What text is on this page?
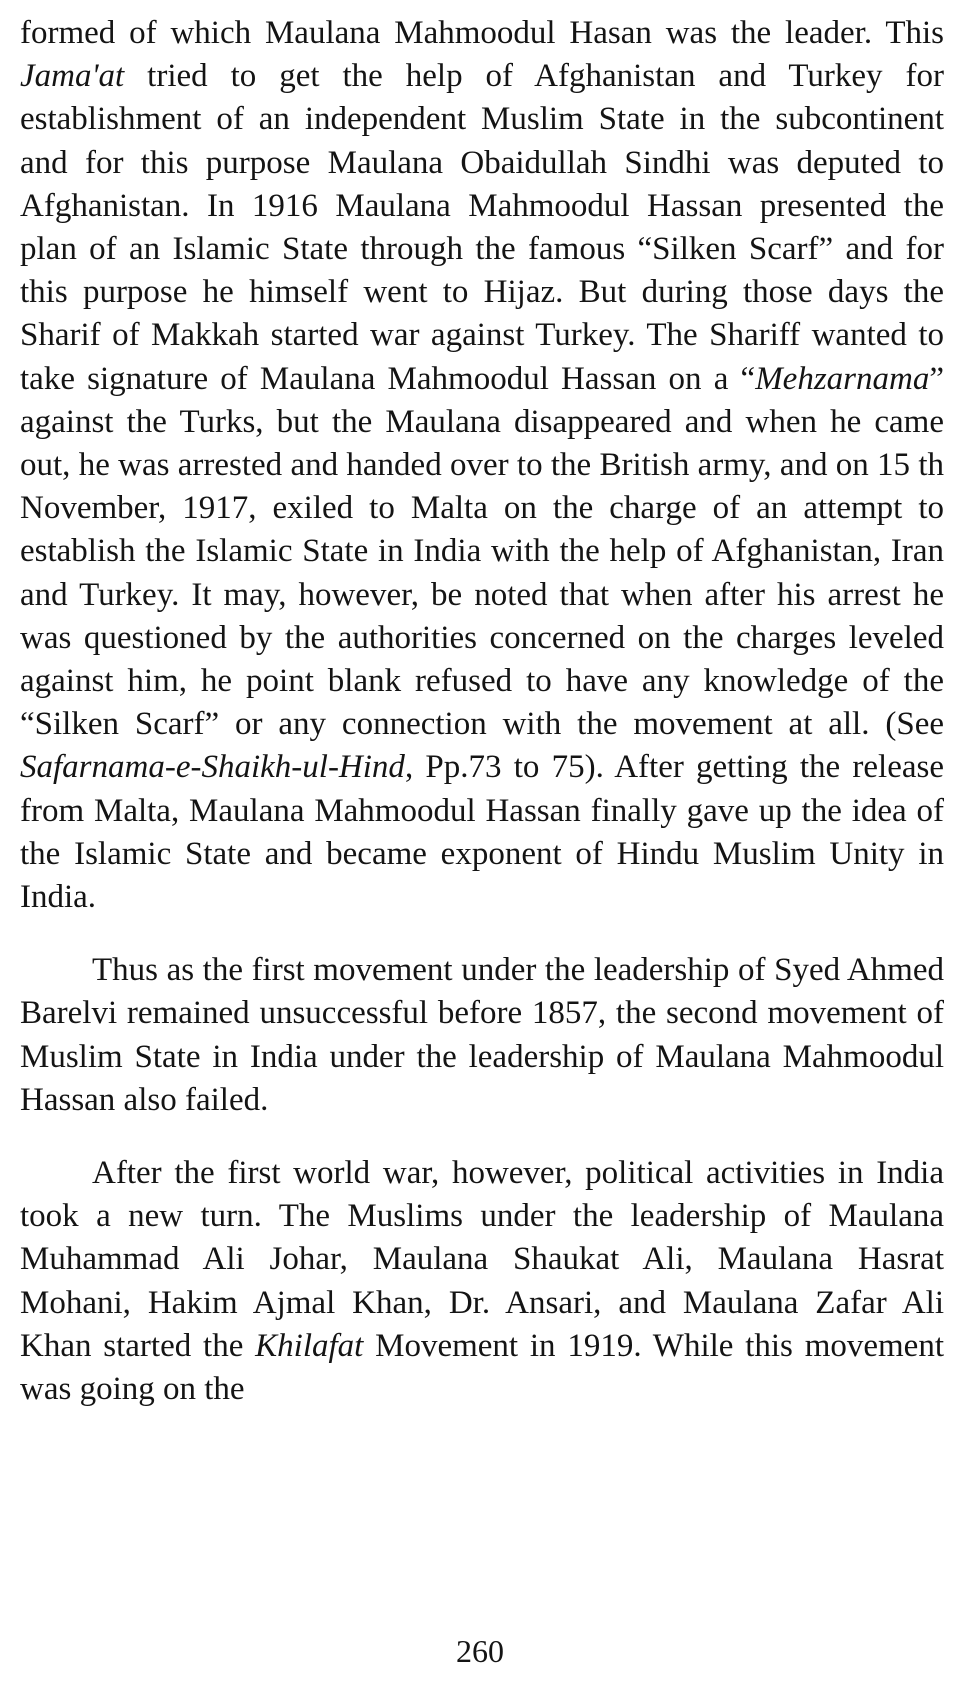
formed of which Maulana Mahmoodul Hasan was the leader. This Jama'at tried to get the help of Afghanistan and Turkey for establishment of an independent Muslim State in the subcontinent and for this purpose Maulana Obaidullah Sindhi was deputed to Afghanistan. In 1916 Maulana Mahmoodul Hassan presented the plan of an Islamic State through the famous “Silken Scarf” and for this purpose he himself went to Hijaz. But during those days the Sharif of Makkah started war against Turkey. The Shariff wanted to take signature of Maulana Mahmoodul Hassan on a “Mehzarnama” against the Turks, but the Maulana disappeared and when he came out, he was arrested and handed over to the British army, and on 15 th November, 1917, exiled to Malta on the charge of an attempt to establish the Islamic State in India with the help of Afghanistan, Iran and Turkey. It may, however, be noted that when after his arrest he was questioned by the authorities concerned on the charges leveled against him, he point blank refused to have any knowledge of the “Silken Scarf” or any connection with the movement at all. (See Safarnama-e-Shaikh-ul-Hind, Pp.73 to 75). After getting the release from Malta, Maulana Mahmoodul Hassan finally gave up the idea of the Islamic State and became exponent of Hindu Muslim Unity in India.

Thus as the first movement under the leadership of Syed Ahmed Barelvi remained unsuccessful before 1857, the second movement of Muslim State in India under the leadership of Maulana Mahmoodul Hassan also failed.

After the first world war, however, political activities in India took a new turn. The Muslims under the leadership of Maulana Muhammad Ali Johar, Maulana Shaukat Ali, Maulana Hasrat Mohani, Hakim Ajmal Khan, Dr. Ansari, and Maulana Zafar Ali Khan started the Khilafat Movement in 1919. While this movement was going on the

260
